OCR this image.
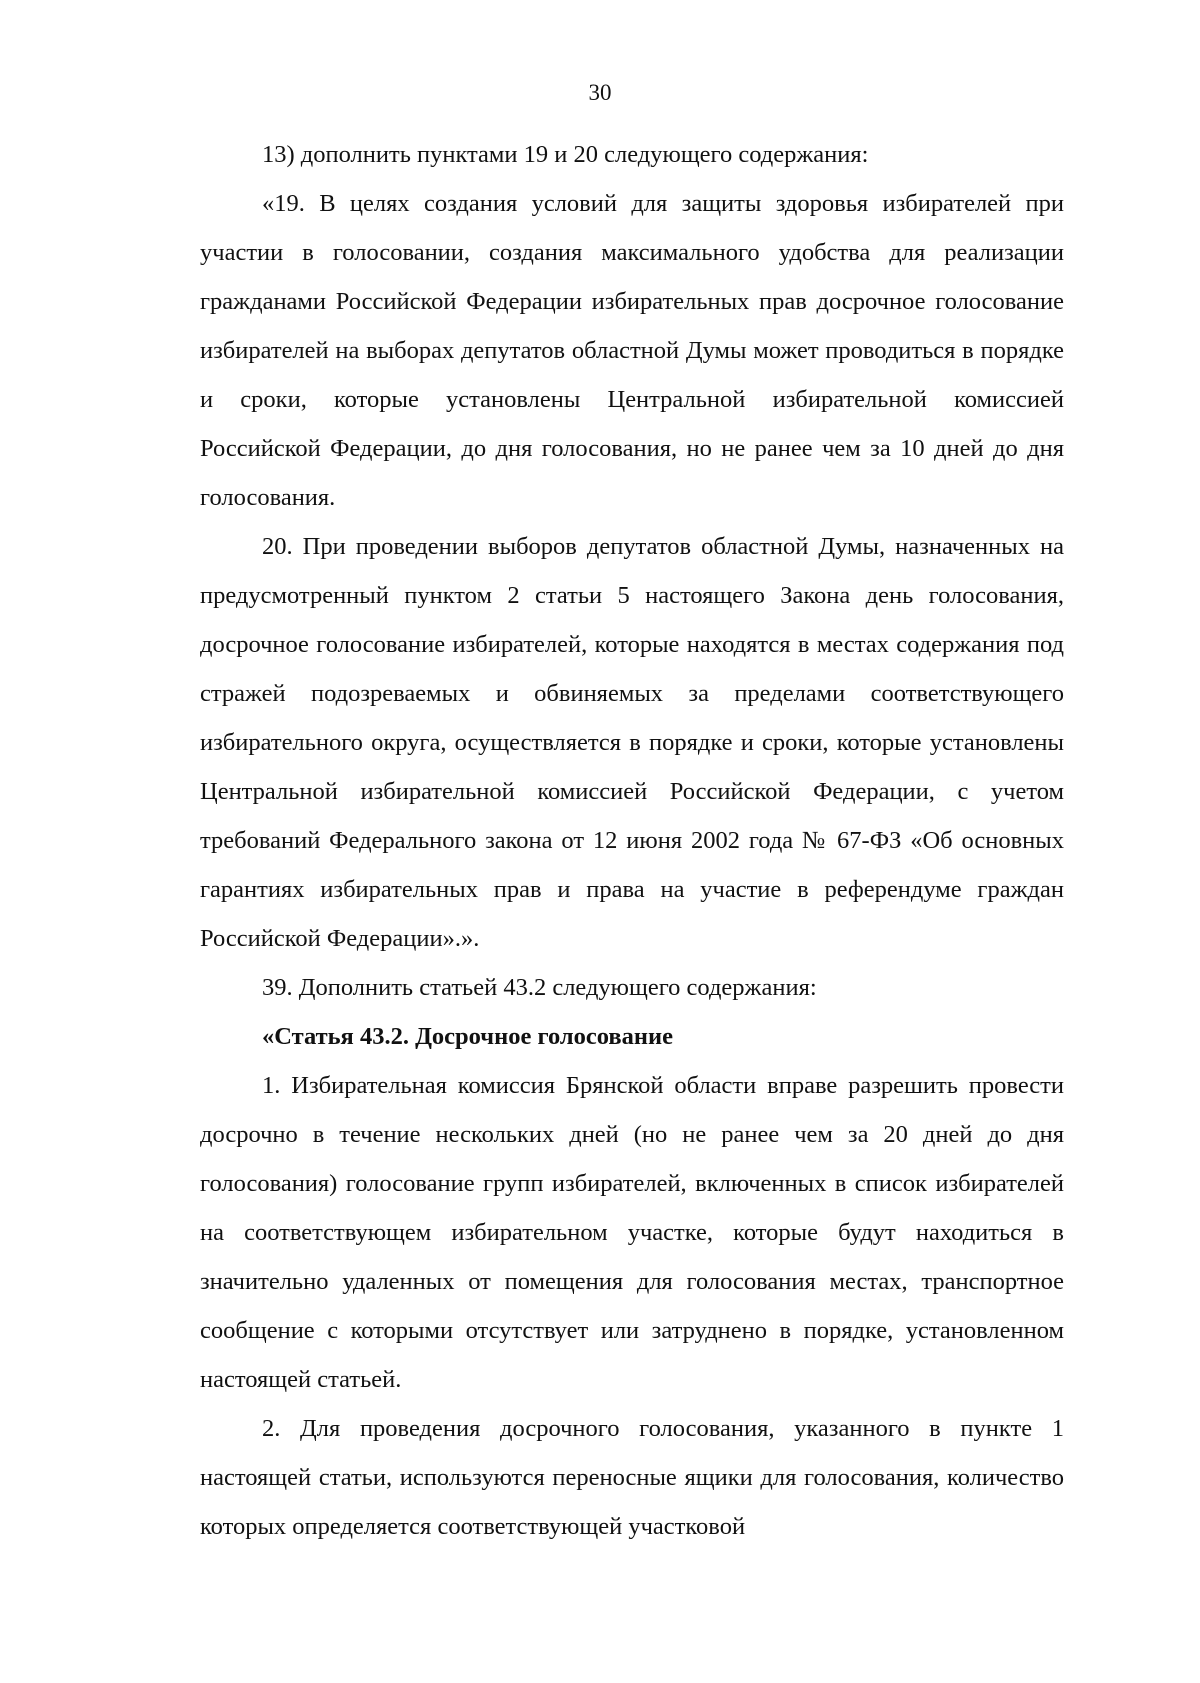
30

13) дополнить пунктами 19 и 20 следующего содержания:

«19. В целях создания условий для защиты здоровья избирателей при участии в голосовании, создания максимального удобства для реализации гражданами Российской Федерации избирательных прав досрочное голосование избирателей на выборах депутатов областной Думы может проводиться в порядке и сроки, которые установлены Центральной избирательной комиссией Российской Федерации, до дня голосования, но не ранее чем за 10 дней до дня голосования.

20. При проведении выборов депутатов областной Думы, назначенных на предусмотренный пунктом 2 статьи 5 настоящего Закона день голосования, досрочное голосование избирателей, которые находятся в местах содержания под стражей подозреваемых и обвиняемых за пределами соответствующего избирательного округа, осуществляется в порядке и сроки, которые установлены Центральной избирательной комиссией Российской Федерации, с учетом требований Федерального закона от 12 июня 2002 года № 67-ФЗ «Об основных гарантиях избирательных прав и права на участие в референдуме граждан Российской Федерации».».

39. Дополнить статьей 43.2 следующего содержания:

«Статья 43.2. Досрочное голосование

1. Избирательная комиссия Брянской области вправе разрешить провести досрочно в течение нескольких дней (но не ранее чем за 20 дней до дня голосования) голосование групп избирателей, включенных в список избирателей на соответствующем избирательном участке, которые будут находиться в значительно удаленных от помещения для голосования местах, транспортное сообщение с которыми отсутствует или затруднено в порядке, установленном настоящей статьей.

2. Для проведения досрочного голосования, указанного в пункте 1 настоящей статьи, используются переносные ящики для голосования, количество которых определяется соответствующей участковой
